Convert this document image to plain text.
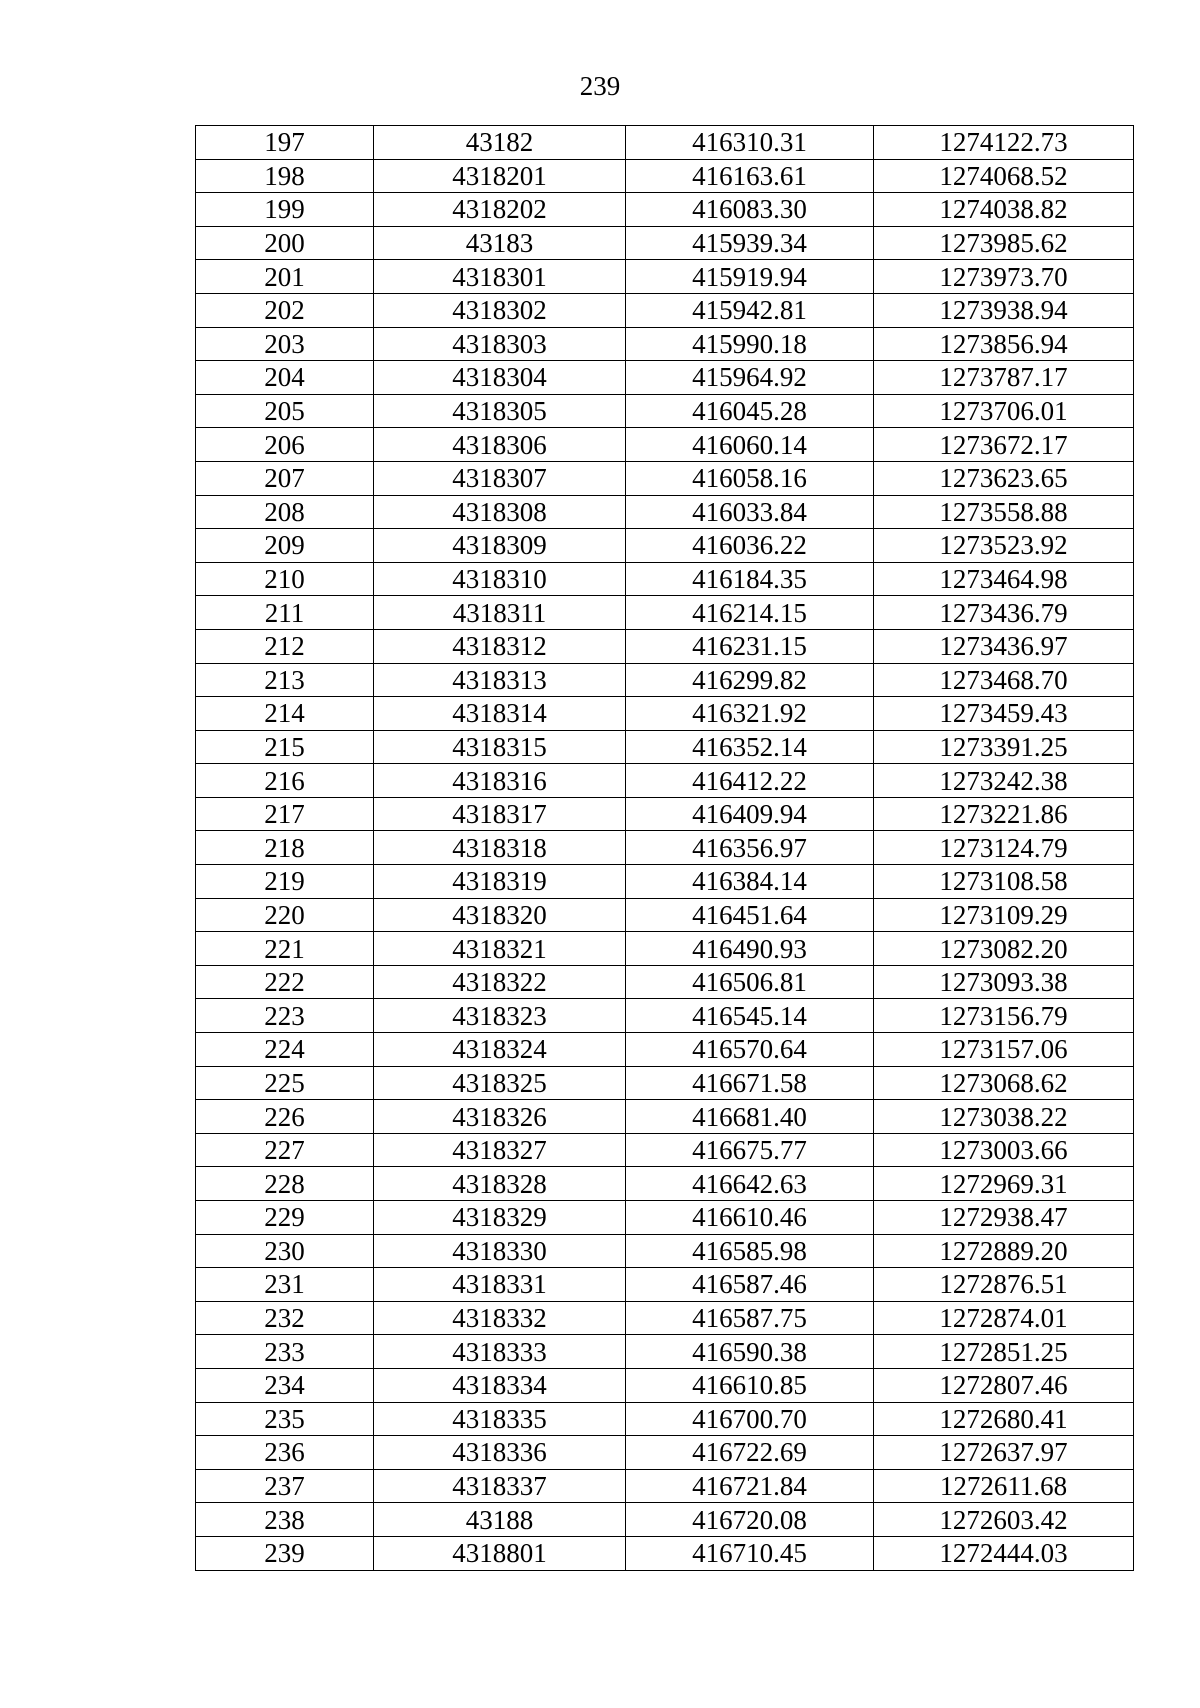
239
197	43182	416310.31	1274122.73
198	4318201	416163.61	1274068.52
199	4318202	416083.30	1274038.82
200	43183	415939.34	1273985.62
201	4318301	415919.94	1273973.70
202	4318302	415942.81	1273938.94
203	4318303	415990.18	1273856.94
204	4318304	415964.92	1273787.17
205	4318305	416045.28	1273706.01
206	4318306	416060.14	1273672.17
207	4318307	416058.16	1273623.65
208	4318308	416033.84	1273558.88
209	4318309	416036.22	1273523.92
210	4318310	416184.35	1273464.98
211	4318311	416214.15	1273436.79
212	4318312	416231.15	1273436.97
213	4318313	416299.82	1273468.70
214	4318314	416321.92	1273459.43
215	4318315	416352.14	1273391.25
216	4318316	416412.22	1273242.38
217	4318317	416409.94	1273221.86
218	4318318	416356.97	1273124.79
219	4318319	416384.14	1273108.58
220	4318320	416451.64	1273109.29
221	4318321	416490.93	1273082.20
222	4318322	416506.81	1273093.38
223	4318323	416545.14	1273156.79
224	4318324	416570.64	1273157.06
225	4318325	416671.58	1273068.62
226	4318326	416681.40	1273038.22
227	4318327	416675.77	1273003.66
228	4318328	416642.63	1272969.31
229	4318329	416610.46	1272938.47
230	4318330	416585.98	1272889.20
231	4318331	416587.46	1272876.51
232	4318332	416587.75	1272874.01
233	4318333	416590.38	1272851.25
234	4318334	416610.85	1272807.46
235	4318335	416700.70	1272680.41
236	4318336	416722.69	1272637.97
237	4318337	416721.84	1272611.68
238	43188	416720.08	1272603.42
239	4318801	416710.45	1272444.03
